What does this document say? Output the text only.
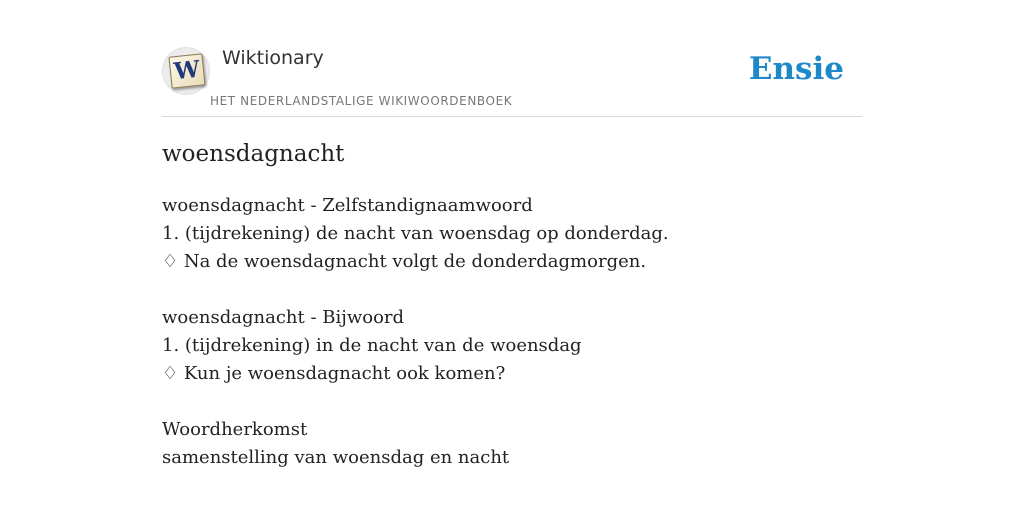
W Wiktionary
HET NEDERLANDSTALIGE WIKIWOORDENBOEK
Ensie
woensdagnacht
woensdagnacht - Zelfstandignaamwoord
1. (tijdrekening) de nacht van woensdag op donderdag.
♢ Na de woensdagnacht volgt de donderdagmorgen.
woensdagnacht - Bijwoord
1. (tijdrekening) in de nacht van de woensdag
♢ Kun je woensdagnacht ook komen?
Woordherkomst
samenstelling van woensdag en nacht
